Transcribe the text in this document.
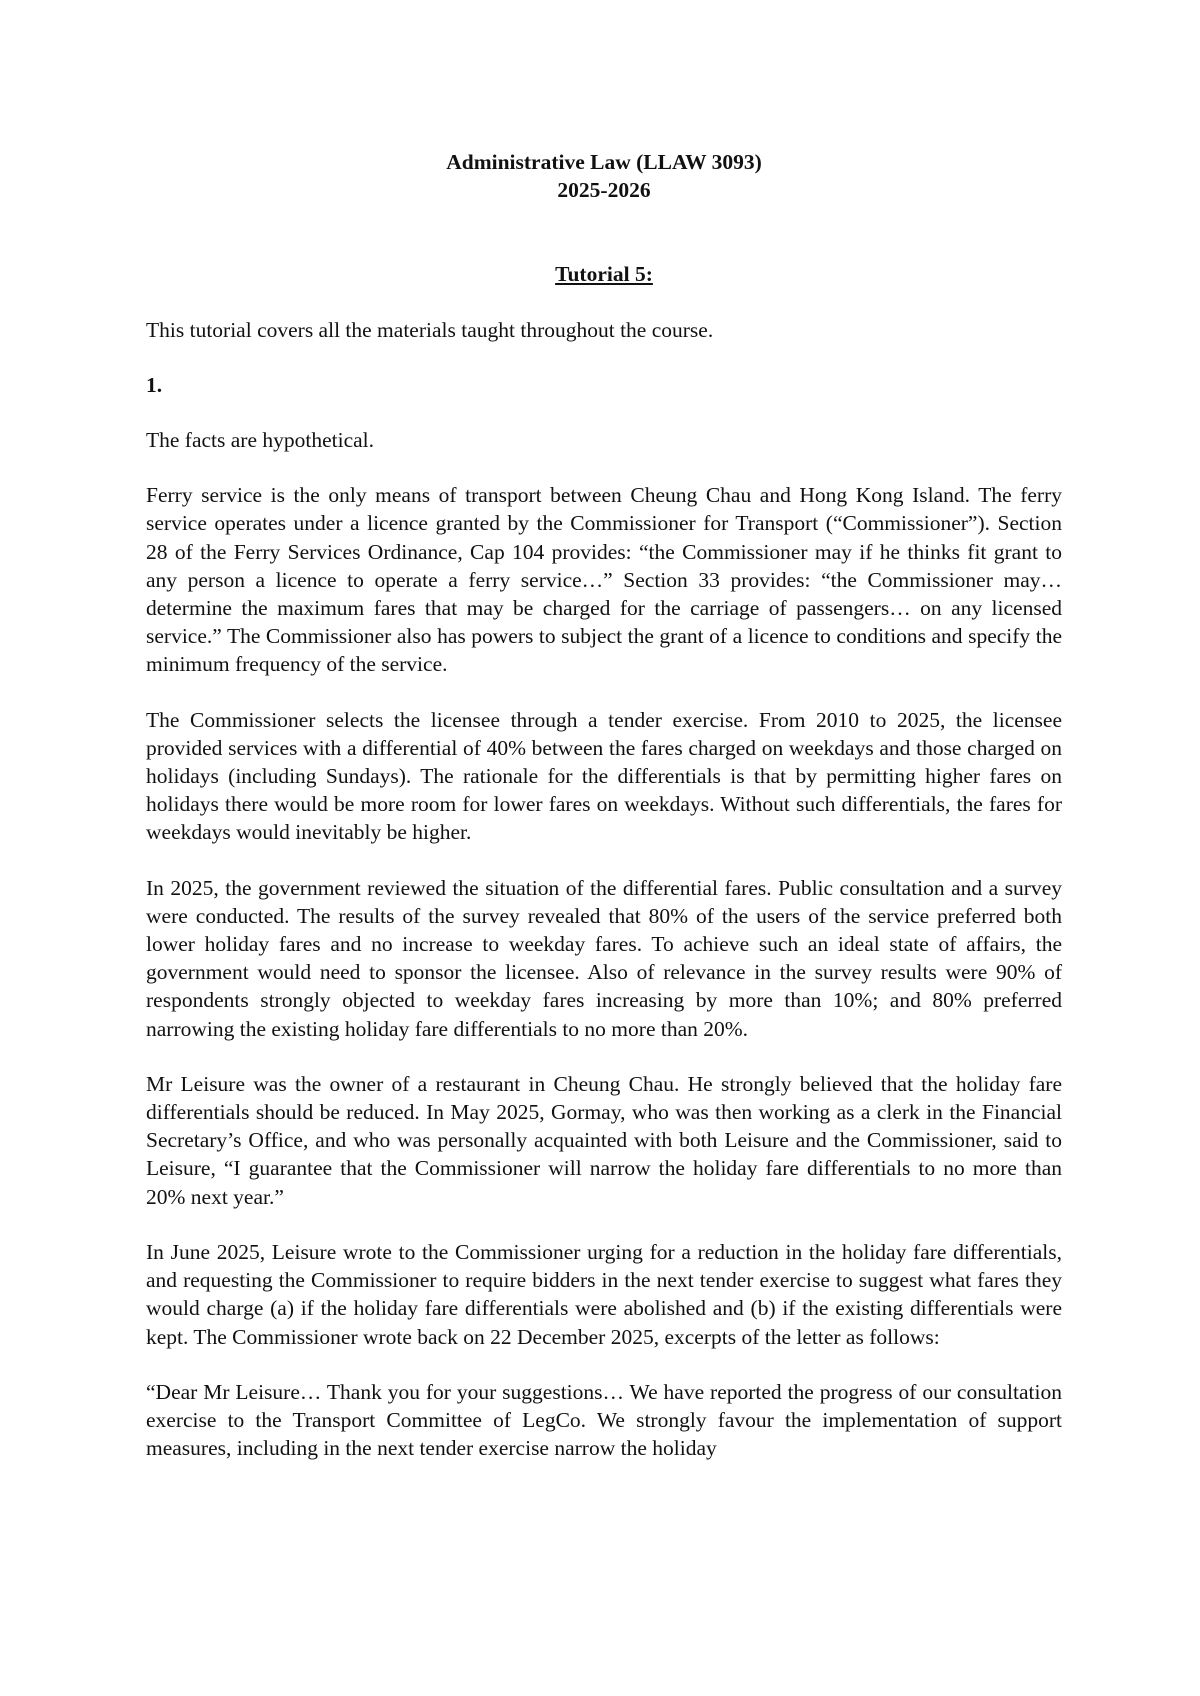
Administrative Law (LLAW 3093)
2025-2026
Tutorial 5:

This tutorial covers all the materials taught throughout the course.

1.

The facts are hypothetical.

Ferry service is the only means of transport between Cheung Chau and Hong Kong Island. The ferry service operates under a licence granted by the Commissioner for Transport (“Commissioner”). Section 28 of the Ferry Services Ordinance, Cap 104 provides: “the Commissioner may if he thinks fit grant to any person a licence to operate a ferry service…” Section 33 provides: “the Commissioner may… determine the maximum fares that may be charged for the carriage of passengers… on any licensed service.” The Commissioner also has powers to subject the grant of a licence to conditions and specify the minimum frequency of the service.

The Commissioner selects the licensee through a tender exercise. From 2010 to 2025, the licensee provided services with a differential of 40% between the fares charged on weekdays and those charged on holidays (including Sundays). The rationale for the differentials is that by permitting higher fares on holidays there would be more room for lower fares on weekdays. Without such differentials, the fares for weekdays would inevitably be higher.

In 2025, the government reviewed the situation of the differential fares. Public consultation and a survey were conducted. The results of the survey revealed that 80% of the users of the service preferred both lower holiday fares and no increase to weekday fares. To achieve such an ideal state of affairs, the government would need to sponsor the licensee. Also of relevance in the survey results were 90% of respondents strongly objected to weekday fares increasing by more than 10%; and 80% preferred narrowing the existing holiday fare differentials to no more than 20%.

Mr Leisure was the owner of a restaurant in Cheung Chau. He strongly believed that the holiday fare differentials should be reduced. In May 2025, Gormay, who was then working as a clerk in the Financial Secretary’s Office, and who was personally acquainted with both Leisure and the Commissioner, said to Leisure, “I guarantee that the Commissioner will narrow the holiday fare differentials to no more than 20% next year.”

In June 2025, Leisure wrote to the Commissioner urging for a reduction in the holiday fare differentials, and requesting the Commissioner to require bidders in the next tender exercise to suggest what fares they would charge (a) if the holiday fare differentials were abolished and (b) if the existing differentials were kept. The Commissioner wrote back on 22 December 2025, excerpts of the letter as follows:

“Dear Mr Leisure… Thank you for your suggestions… We have reported the progress of our consultation exercise to the Transport Committee of LegCo. We strongly favour the implementation of support measures, including in the next tender exercise narrow the holiday
